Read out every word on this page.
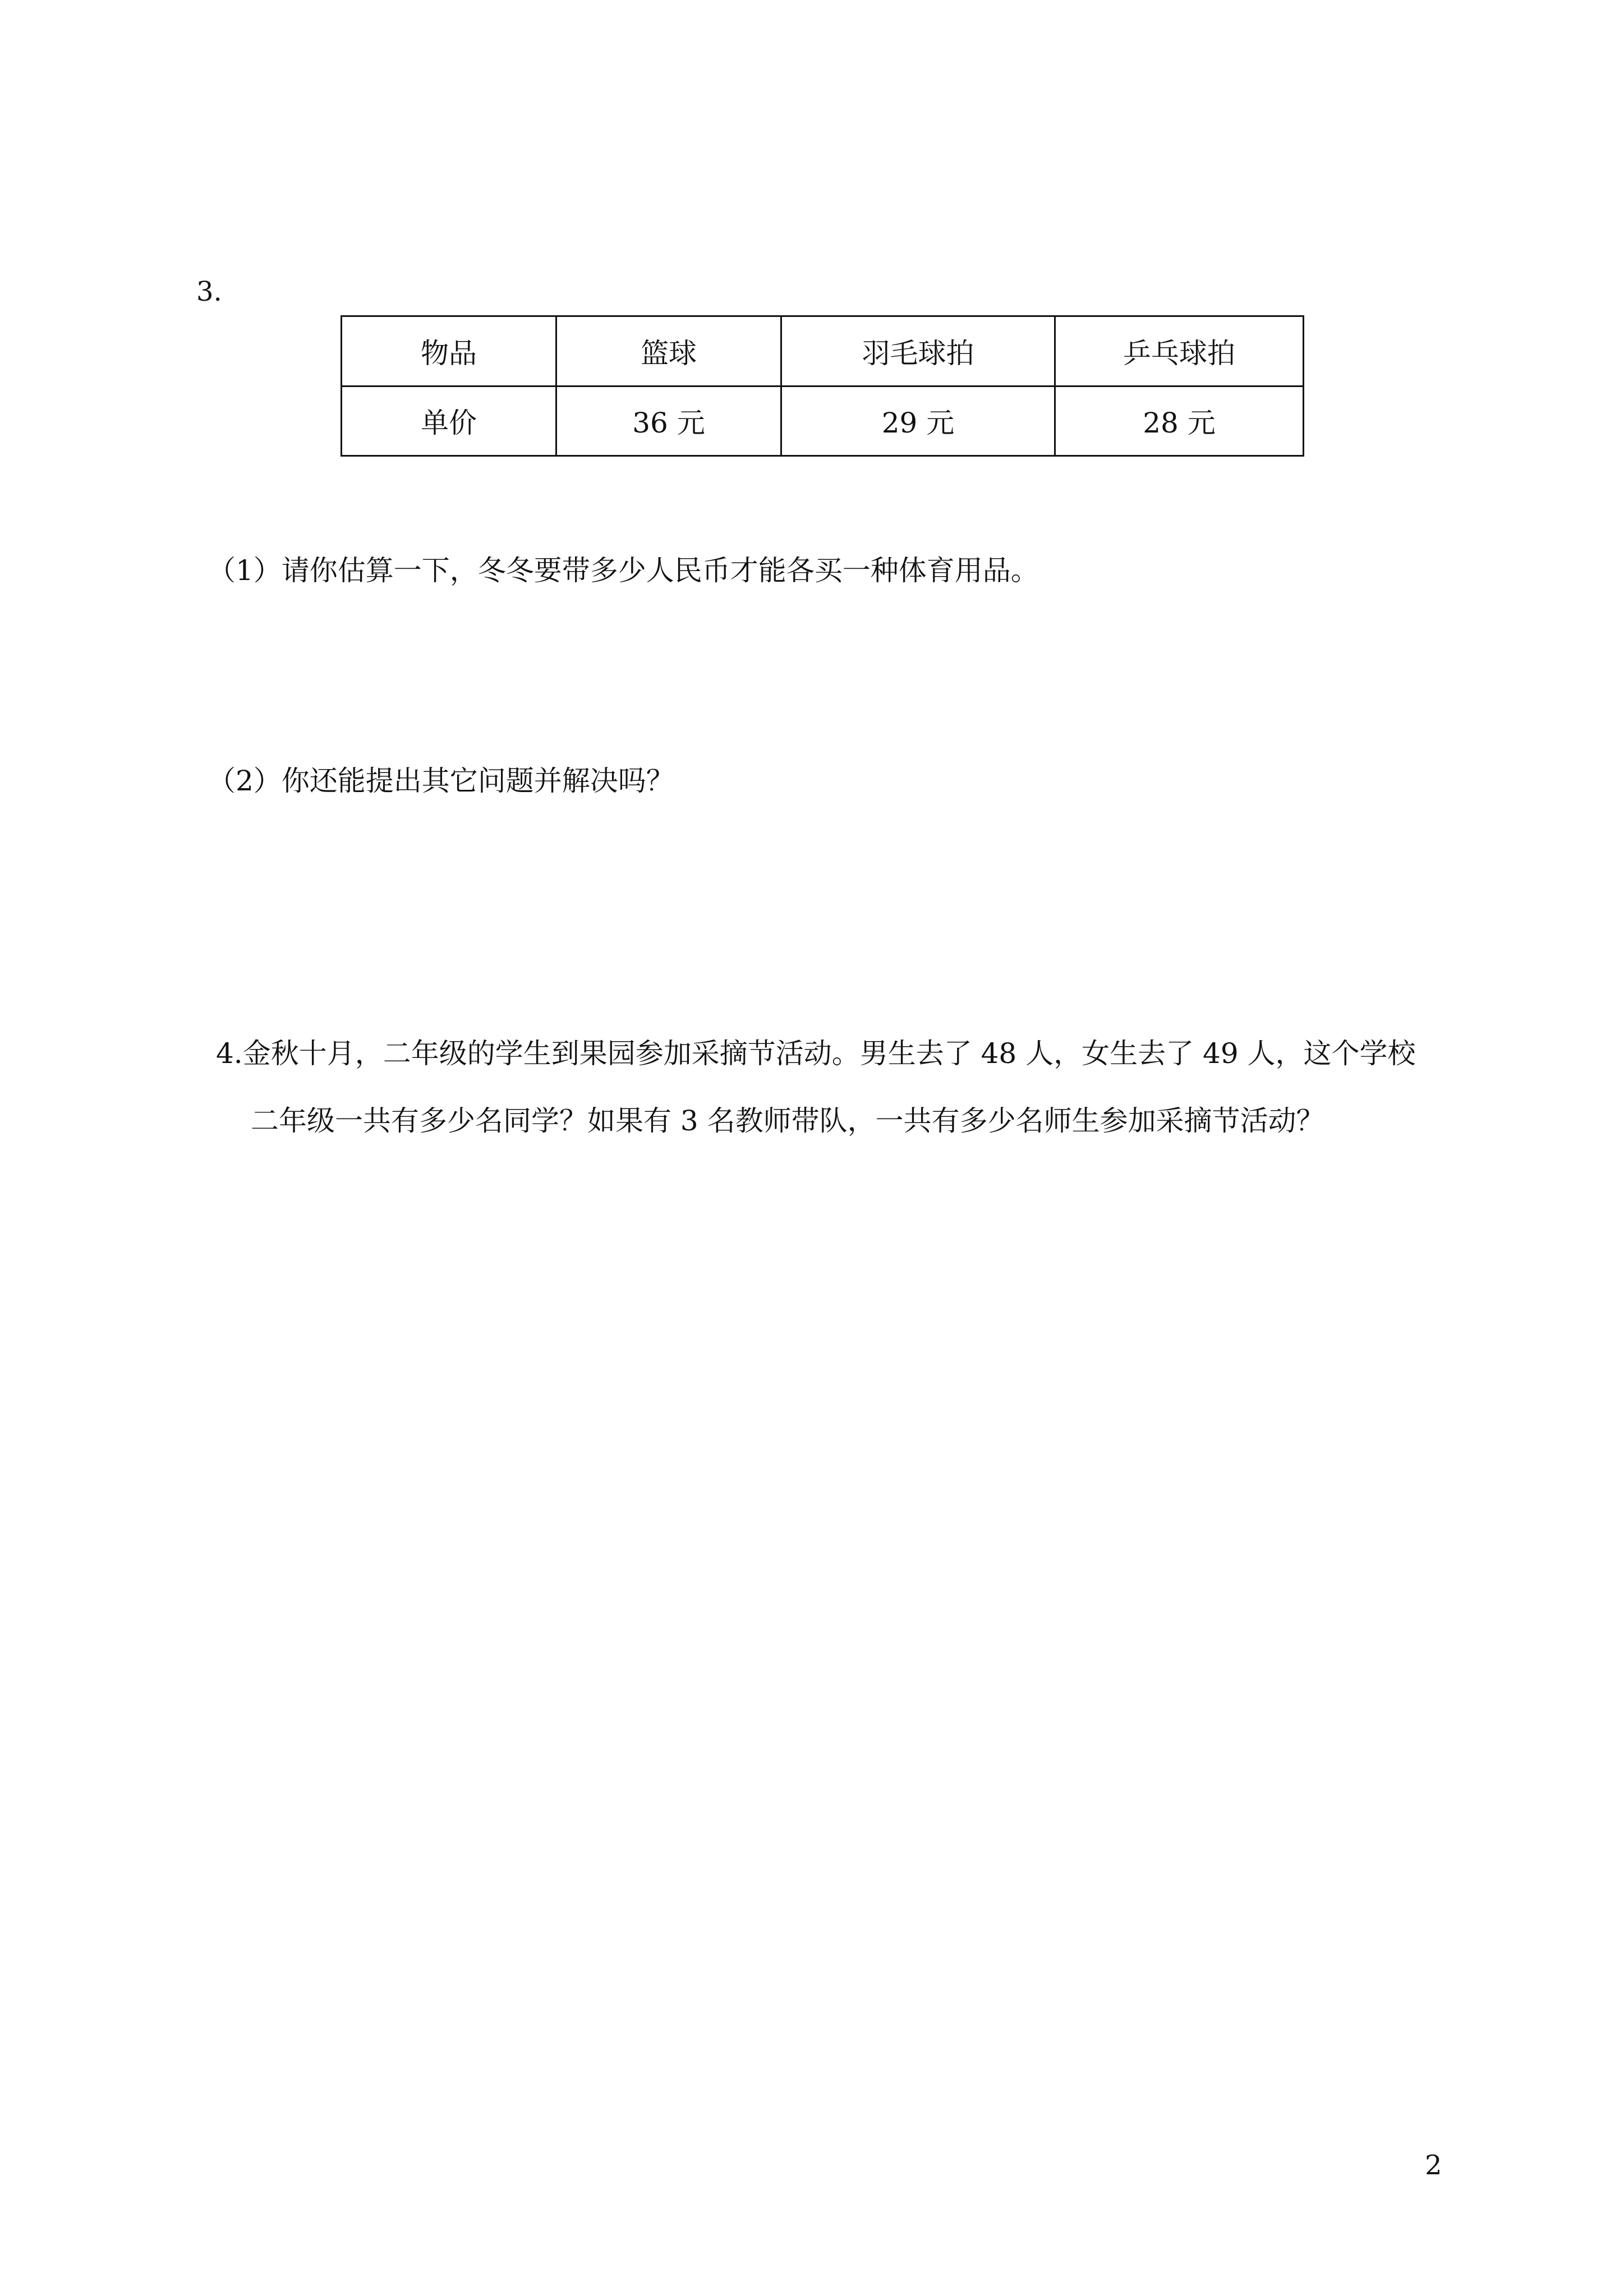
3.
物品	篮球	羽毛球拍	乒乓球拍
单价	36 元	29 元	28 元
（1）请你估算一下，冬冬要带多少人民币才能各买一种体育用品。
（2）你还能提出其它问题并解决吗？
4.金秋十月，二年级的学生到果园参加采摘节活动。男生去了 48 人，女生去了 49 人，这个学校
二年级一共有多少名同学？如果有 3 名教师带队，一共有多少名师生参加采摘节活动？
2
